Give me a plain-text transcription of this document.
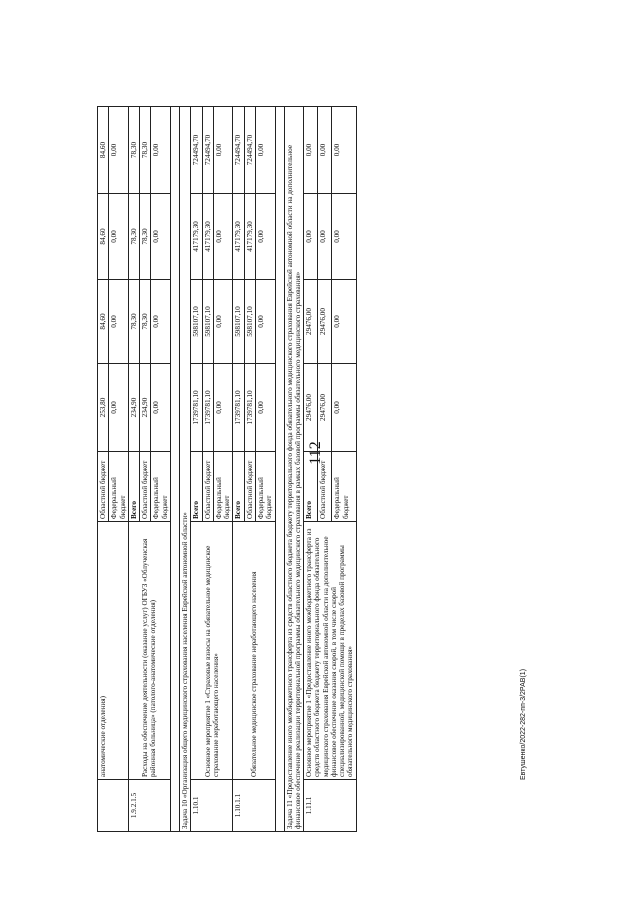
112
Евтушенко/2022-282-пп-3/2РАВ(1)
	анатомические отделения)	Областной бюджет	253,80	84,60	84,60	84,60
		Федеральный бюджет	0,00	0,00	0,00	0,00
1.9.2.1.5	Расходы на обеспечение деятельности (оказание услуг) ОГБУЗ «Облученская районная больница» (патолого-анатомические отделения)	Всего	234,90	78,30	78,30	78,30
		Областной бюджет	234,90	78,30	78,30	78,30
		Федеральный бюджет	0,00	0,00	0,00	0,00

Задача 10 «Организация общего медицинского страхования населения Еврейской автономной области»						
1.10.1	Основное мероприятие 1 «Страховые взносы на обязательное медицинское страхование неработающего населения»	Всего	1739781,10	598107,10	417179,30	724494,70
		Областной бюджет	1739781,10	598107,10	417179,30	724494,70
		Федеральный бюджет	0,00	0,00	0,00	0,00
1.10.1.1	Обязательное медицинское страхование неработающего населения	Всего	1739781,10	598107,10	417179,30	724494,70
		Областной бюджет	1739781,10	598107,10	417179,30	724494,70
		Федеральный бюджет	0,00	0,00	0,00	0,00

Задача 11 «Предоставление иного межбюджетного трансферта из средств областного бюджета бюджету территориального фонда обязательного медицинского страхования Еврейской автономной области на дополнительное финансовое обеспечение реализации территориальной программы обязательного медицинского страхования в рамках базовой программы обязательного медицинского страхования»						
1.11.1	Основное мероприятие 1 «Предоставление иного межбюджетного трансферта из средств областного бюджета бюджету территориального фонда обязательного медицинского страхования Еврейской автономной области на дополнительное финансовое обеспечение оказания скорой, в том числе скорой специализированной, медицинской помощи в пределах базовой программы обязательного медицинского страхования»	Всего	29476,00	29476,00	0,00	0,00
		Областной бюджет	29476,00	29476,00	0,00	0,00
		Федеральный бюджет	0,00	0,00	0,00	0,00
